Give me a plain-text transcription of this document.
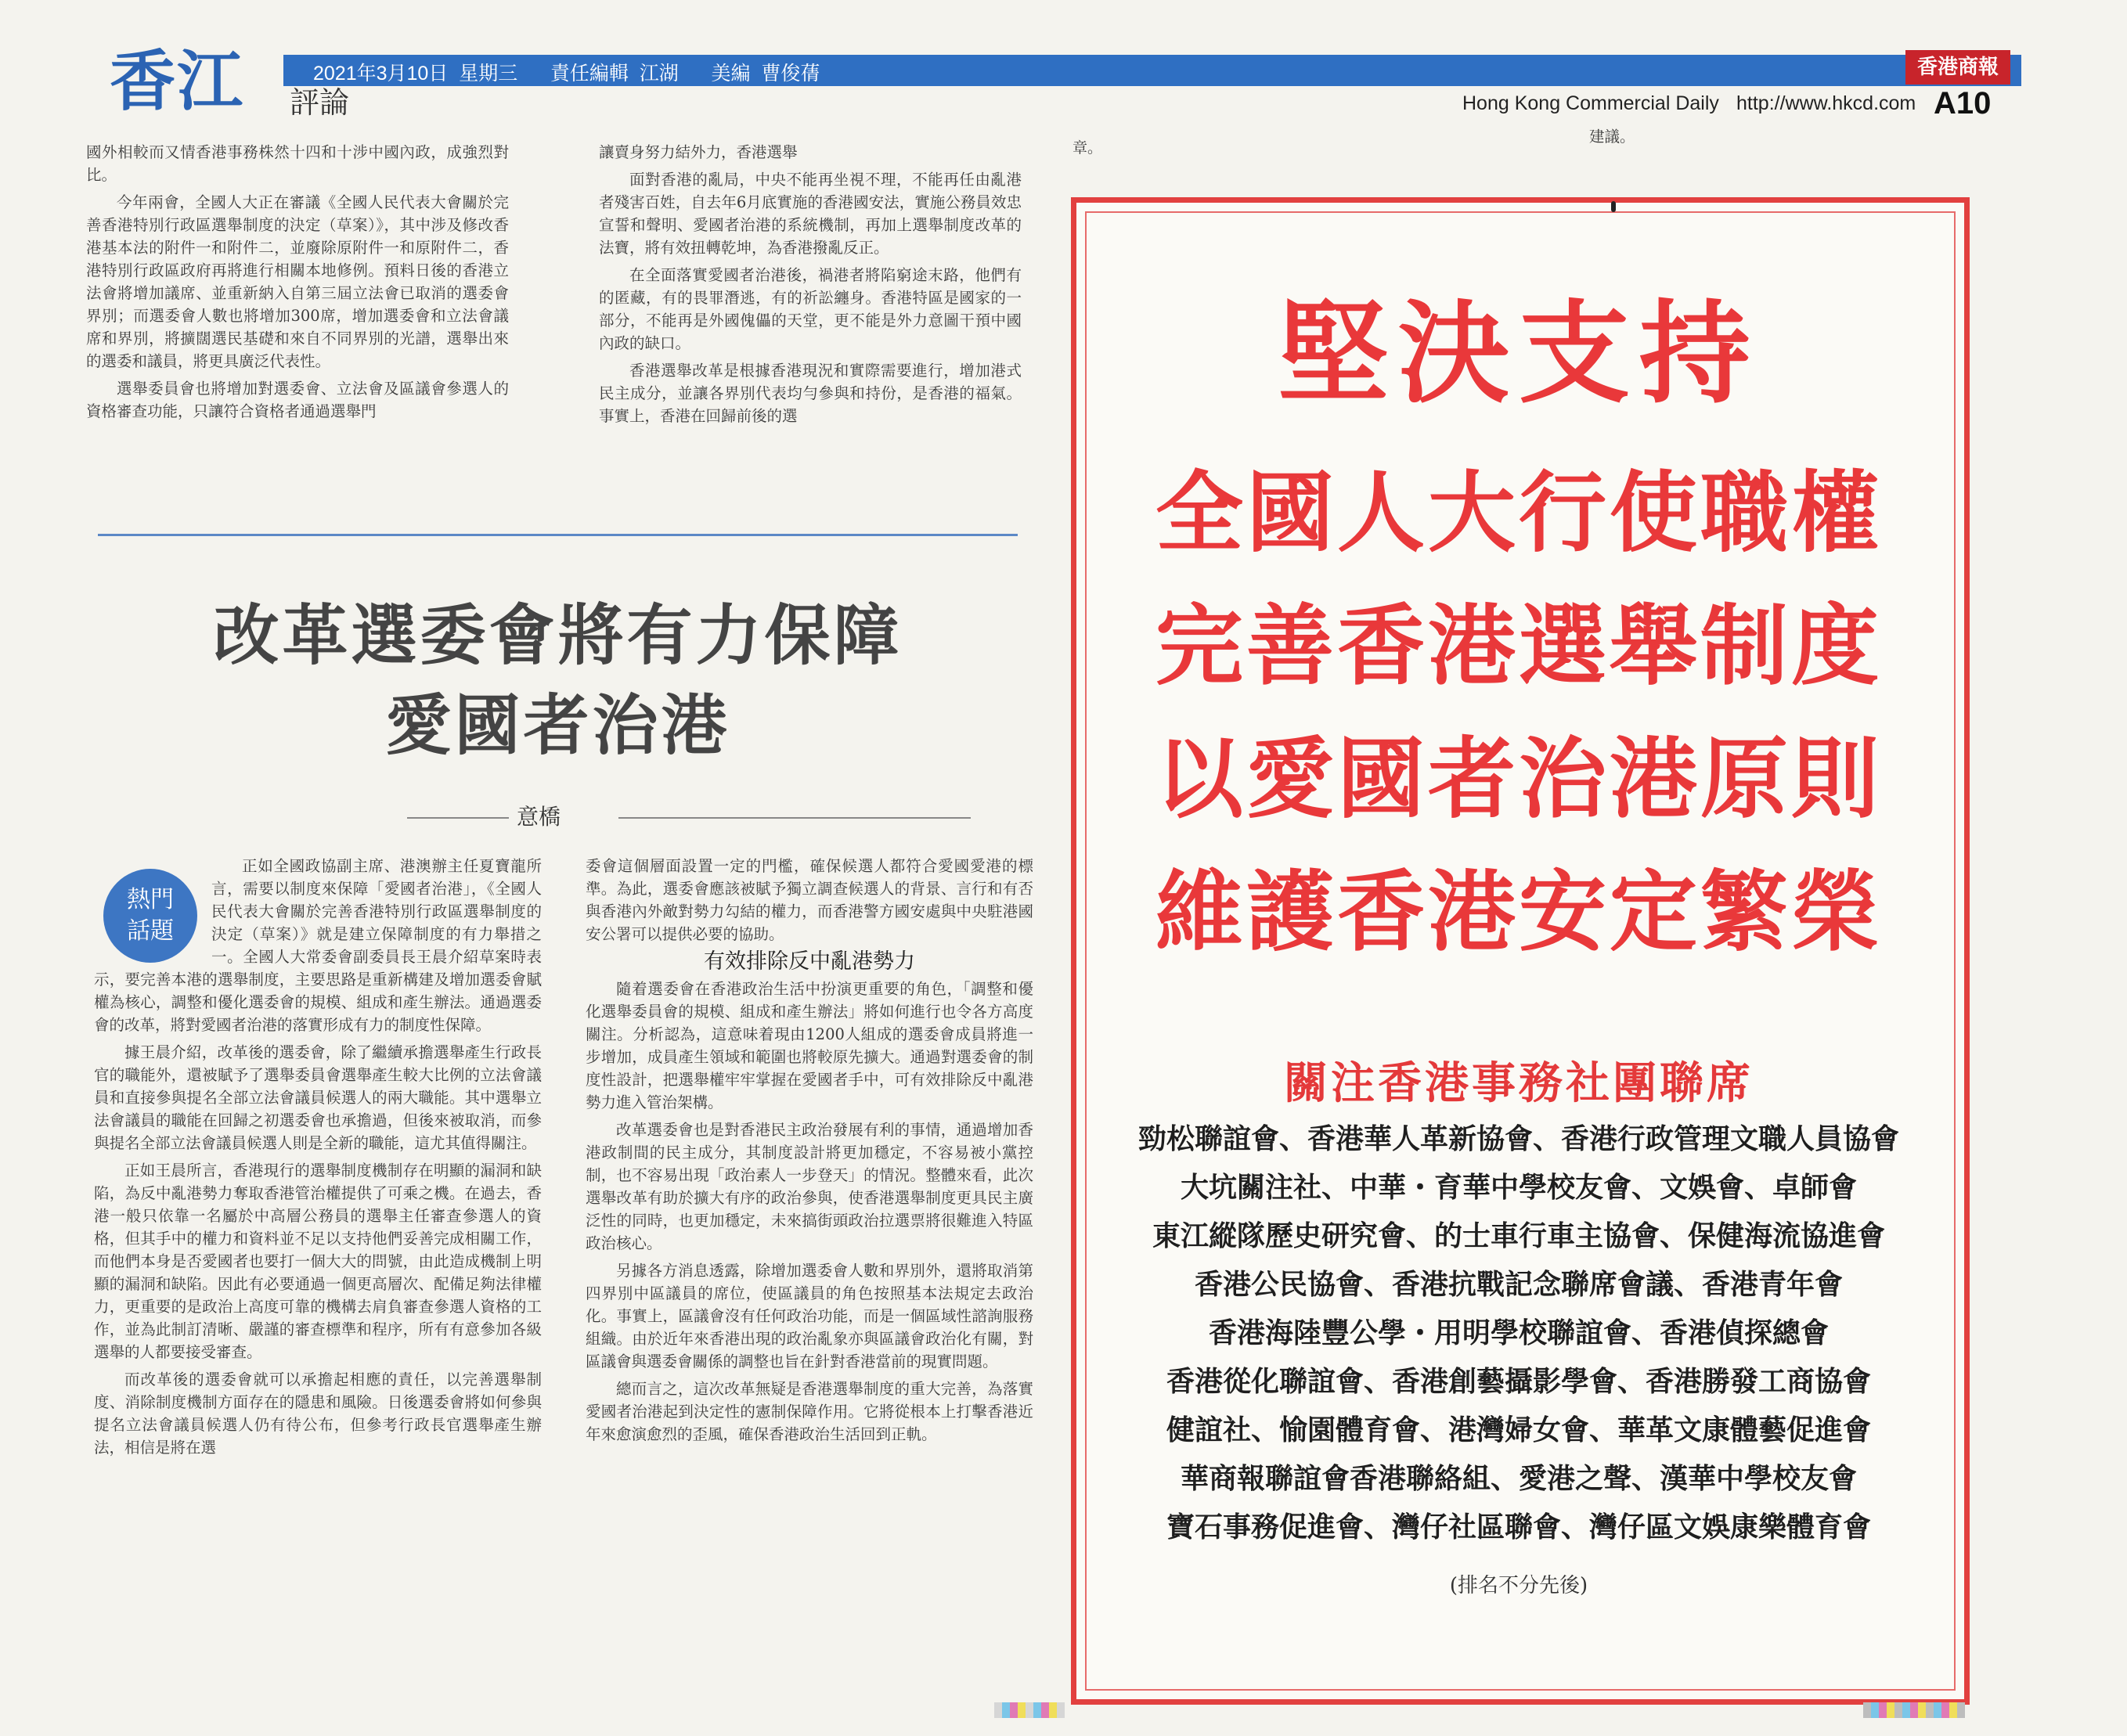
香江 評論
2021年3月10日  星期三      責任編輯  江湖      美編  曹俊蒨	香港商報
Hong Kong Commercial Daily http://www.hkcd.com A10

國外相較而又情香港事務株然十四和十涉中國內政，成強烈對比。

今年兩會，全國人大正在審議《全國人民代表大會關於完善香港特別行政區選舉制度的決定（草案）》，其中涉及修改香港基本法的附件一和附件二，並廢除原附件一和原附件二，香港特別行政區政府再將進行相關本地修例。預料日後的香港立法會將增加議席、並重新納入自第三屆立法會已取消的選委會界別；而選委會人數也將增加300席，增加選委會和立法會議席和界別，將擴闊選民基礎和來自不同界別的光譜，選舉出來的選委和議員，將更具廣泛代表性。

選舉委員會也將增加對選委會、立法會及區議會參選人的資格審查功能，只讓符合資格者通過選舉門

讓賣身努力結外力，香港選舉

面對香港的亂局，中央不能再坐視不理，不能再任由亂港者殘害百姓，自去年6月底實施的香港國安法，實施公務員效忠宣誓和聲明、愛國者治港的系統機制，再加上選舉制度改革的法寶，將有效扭轉乾坤，為香港撥亂反正。

在全面落實愛國者治港後，禍港者將陷窮途末路，他們有的匿藏，有的畏罪潛逃，有的祈訟纏身。香港特區是國家的一部分，不能再是外國傀儡的天堂，更不能是外力意圖干預中國內政的缺口。

香港選舉改革是根據香港現況和實際需要進行，增加港式民主成分，並讓各界別代表均勻參與和持份，是香港的福氣。事實上，香港在回歸前後的選

章。
建議。
改革選委會將有力保障
愛國者治港
意橋

正如全國政協副主席、港澳辦主任夏寶龍所言，需要以制度來保障「愛國者治港」，《全國人民代表大會關於完善香港特別行政區選舉制度的決定（草案）》就是建立保障制度的有力舉措之一。全國人大常委會副委員長王晨介紹草案時表示，要完善本港的選舉制度，主要思路是重新構建及增加選委會賦權為核心，調整和優化選委會的規模、組成和產生辦法。通過選委會的改革，將對愛國者治港的落實形成有力的制度性保障。

據王晨介紹，改革後的選委會，除了繼續承擔選舉產生行政長官的職能外，還被賦予了選舉委員會選舉產生較大比例的立法會議員和直接參與提名全部立法會議員候選人的兩大職能。其中選舉立法會議員的職能在回歸之初選委會也承擔過，但後來被取消，而參與提名全部立法會議員候選人則是全新的職能，這尤其值得關注。

正如王晨所言，香港現行的選舉制度機制存在明顯的漏洞和缺陷，為反中亂港勢力奪取香港管治權提供了可乘之機。在過去，香港一般只依靠一名屬於中高層公務員的選舉主任審查參選人的資格，但其手中的權力和資料並不足以支持他們妥善完成相關工作，而他們本身是否愛國者也要打一個大大的問號，由此造成機制上明顯的漏洞和缺陷。因此有必要通過一個更高層次、配備足夠法律權力，更重要的是政治上高度可靠的機構去肩負審查參選人資格的工作，並為此制訂清晰、嚴謹的審查標準和程序，所有有意參加各級選舉的人都要接受審查。

而改革後的選委會就可以承擔起相應的責任，以完善選舉制度、消除制度機制方面存在的隱患和風險。日後選委會將如何參與提名立法會議員候選人仍有待公布，但參考行政長官選舉產生辦法，相信是將在選

熱門
話題

委會這個層面設置一定的門檻，確保候選人都符合愛國愛港的標準。為此，選委會應該被賦予獨立調查候選人的背景、言行和有否與香港內外敵對勢力勾結的權力，而香港警方國安處與中央駐港國安公署可以提供必要的協助。

有效排除反中亂港勢力

隨着選委會在香港政治生活中扮演更重要的角色，「調整和優化選舉委員會的規模、組成和產生辦法」將如何進行也令各方高度關注。分析認為，這意味着現由1200人組成的選委會成員將進一步增加，成員產生領域和範圍也將較原先擴大。通過對選委會的制度性設計，把選舉權牢牢掌握在愛國者手中，可有效排除反中亂港勢力進入管治架構。

改革選委會也是對香港民主政治發展有利的事情，通過增加香港政制間的民主成分，其制度設計將更加穩定，不容易被小黨控制，也不容易出現「政治素人一步登天」的情況。整體來看，此次選舉改革有助於擴大有序的政治參與，使香港選舉制度更具民主廣泛性的同時，也更加穩定，未來搞街頭政治拉選票將很難進入特區政治核心。

另據各方消息透露，除增加選委會人數和界別外，還將取消第四界別中區議員的席位，使區議員的角色按照基本法規定去政治化。事實上，區議會沒有任何政治功能，而是一個區域性諮詢服務組織。由於近年來香港出現的政治亂象亦與區議會政治化有關，對區議會與選委會關係的調整也旨在針對香港當前的現實問題。

總而言之，這次改革無疑是香港選舉制度的重大完善，為落實愛國者治港起到決定性的憲制保障作用。它將從根本上打擊香港近年來愈演愈烈的歪風，確保香港政治生活回到正軌。

堅決支持
全國人大行使職權
完善香港選舉制度
以愛國者治港原則
維護香港安定繁榮
關注香港事務社團聯席
勁松聯誼會、香港華人革新協會、香港行政管理文職人員協會
大坑關注社、中華・育華中學校友會、文娛會、卓師會
東江縱隊歷史研究會、的士車行車主協會、保健海流協進會
香港公民協會、香港抗戰記念聯席會議、香港青年會
香港海陸豐公學・用明學校聯誼會、香港偵探總會
香港從化聯誼會、香港創藝攝影學會、香港勝發工商協會
健誼社、愉園體育會、港灣婦女會、華革文康體藝促進會
華商報聯誼會香港聯絡組、愛港之聲、漢華中學校友會
寶石事務促進會、灣仔社區聯會、灣仔區文娛康樂體育會
(排名不分先後)
